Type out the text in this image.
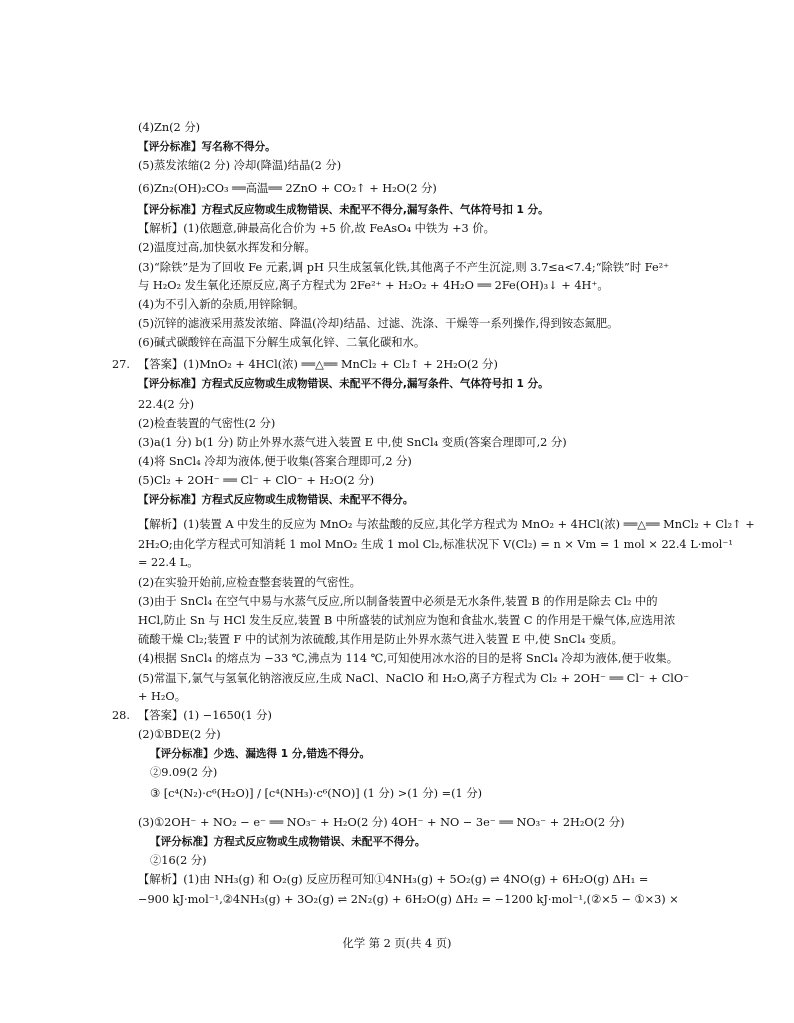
(4)Zn(2 分)
【评分标准】写名称不得分。
(5)蒸发浓缩(2 分) 冷却(降温)结晶(2 分)
(6)Zn₂(OH)₂CO₃ ══高温══ 2ZnO + CO₂↑ + H₂O(2 分)
【评分标准】方程式反应物或生成物错误、未配平不得分,漏写条件、气体符号扣 1 分。
【解析】(1)依题意,砷最高化合价为 +5 价,故 FeAsO₄ 中铁为 +3 价。
(2)温度过高,加快氨水挥发和分解。
(3)“除铁”是为了回收 Fe 元素,调 pH 只生成氢氧化铁,其他离子不产生沉淀,则 3.7≤a<7.4;“除铁”时 Fe²⁺
与 H₂O₂ 发生氧化还原反应,离子方程式为 2Fe²⁺ + H₂O₂ + 4H₂O ══ 2Fe(OH)₃↓ + 4H⁺。
(4)为不引入新的杂质,用锌除铜。
(5)沉锌的滤液采用蒸发浓缩、降温(冷却)结晶、过滤、洗涤、干燥等一系列操作,得到铵态氮肥。
(6)碱式碳酸锌在高温下分解生成氧化锌、二氧化碳和水。
27. 【答案】(1)MnO₂ + 4HCl(浓) ══△══ MnCl₂ + Cl₂↑ + 2H₂O(2 分)
【评分标准】方程式反应物或生成物错误、未配平不得分,漏写条件、气体符号扣 1 分。
22.4(2 分)
(2)检查装置的气密性(2 分)
(3)a(1 分) b(1 分) 防止外界水蒸气进入装置 E 中,使 SnCl₄ 变质(答案合理即可,2 分)
(4)将 SnCl₄ 冷却为液体,便于收集(答案合理即可,2 分)
(5)Cl₂ + 2OH⁻ ══ Cl⁻ + ClO⁻ + H₂O(2 分)
【评分标准】方程式反应物或生成物错误、未配平不得分。
【解析】(1)装置 A 中发生的反应为 MnO₂ 与浓盐酸的反应,其化学方程式为 MnO₂ + 4HCl(浓) ══△══ MnCl₂ + Cl₂↑ +
2H₂O;由化学方程式可知消耗 1 mol MnO₂ 生成 1 mol Cl₂,标准状况下 V(Cl₂) = n × Vm = 1 mol × 22.4 L·mol⁻¹
= 22.4 L。
(2)在实验开始前,应检查整套装置的气密性。
(3)由于 SnCl₄ 在空气中易与水蒸气反应,所以制备装置中必须是无水条件,装置 B 的作用是除去 Cl₂ 中的
HCl,防止 Sn 与 HCl 发生反应,装置 B 中所盛装的试剂应为饱和食盐水,装置 C 的作用是干燥气体,应选用浓
硫酸干燥 Cl₂;装置 F 中的试剂为浓硫酸,其作用是防止外界水蒸气进入装置 E 中,使 SnCl₄ 变质。
(4)根据 SnCl₄ 的熔点为 −33 ℃,沸点为 114 ℃,可知使用冰水浴的目的是将 SnCl₄ 冷却为液体,便于收集。
(5)常温下,氯气与氢氧化钠溶液反应,生成 NaCl、NaClO 和 H₂O,离子方程式为 Cl₂ + 2OH⁻ ══ Cl⁻ + ClO⁻
+ H₂O。
28. 【答案】(1) −1650(1 分)
(2)①BDE(2 分)
【评分标准】少选、漏选得 1 分,错选不得分。
②9.09(2 分)
③ [c⁴(N₂)·c⁶(H₂O)] / [c⁴(NH₃)·c⁶(NO)] (1 分) >(1 分) =(1 分)
(3)①2OH⁻ + NO₂ − e⁻ ══ NO₃⁻ + H₂O(2 分) 4OH⁻ + NO − 3e⁻ ══ NO₃⁻ + 2H₂O(2 分)
【评分标准】方程式反应物或生成物错误、未配平不得分。
②16(2 分)
【解析】(1)由 NH₃(g) 和 O₂(g) 反应历程可知①4NH₃(g) + 5O₂(g) ⇌ 4NO(g) + 6H₂O(g) ΔH₁ =
−900 kJ·mol⁻¹,②4NH₃(g) + 3O₂(g) ⇌ 2N₂(g) + 6H₂O(g) ΔH₂ = −1200 kJ·mol⁻¹,(②×5 − ①×3) ×
化学 第 2 页(共 4 页)
